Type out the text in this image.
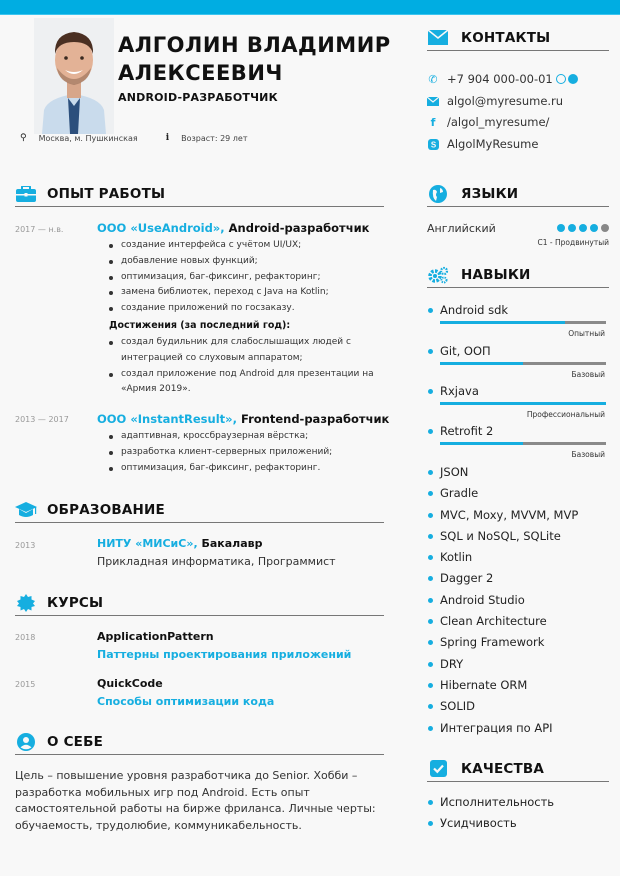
АЛГОЛИН ВЛАДИМИР АЛЕКСЕЕВИЧ
ANDROID-РАЗРАБОТЧИК
⚲ Москва, м. Пушкинская	i Возраст: 29 лет
ОПЫТ РАБОТЫ
2017 — н.в.	ООО «UseAndroid», Android-разработчик
создание интерфейса с учётом UI/UX;
добавление новых функций;
оптимизация, баг-фиксинг, рефакторинг;
замена библиотек, переход с Java на Kotlin;
создание приложений по госзаказу.
Достижения (за последний год):
создал будильник для слабослышащих людей с интеграцией со слуховым аппаратом;
создал приложение под Android для презентации на «Армия 2019».
2013 — 2017 ООО «InstantResult», Frontend-разработчик
адаптивная, кроссбраузерная вёрстка;
разработка клиент-серверных приложений;
оптимизация, баг-фиксинг, рефакторинг.
ОБРАЗОВАНИЕ
2013	НИТУ «МИСиС», Бакалавр
Прикладная информатика, Программист
КУРСЫ
2018	ApplicationPattern
Паттерны проектирования приложений
2015	QuickCode
Способы оптимизации кода
О СЕБЕ
Цель – повышение уровня разработчика до Senior. Хобби – разработка мобильных игр под Android. Есть опыт самостоятельной работы на бирже фриланса. Личные черты: обучаемость, трудолюбие, коммуникабельность.
КОНТАКТЫ
✆ +7 904 000-00-01
algol@myresume.ru
f	/algol_myresume/
S AlgolMyResume
ЯЗЫКИ
Английский
C1 - Продвинутый
НАВЫКИ
Android sdk
Опытный
Git, ООП
Базовый
Rxjava
Профессиональный
Retrofit 2
Базовый
JSON
Gradle
MVC, Moxy, MVVM, MVP
SQL и NoSQL, SQLite
Kotlin
Dagger 2
Android Studio
Clean Architecture
Spring Framework
DRY
Hibernate ORM
SOLID
Интеграция по API
КАЧЕСТВА
Исполнительность
Усидчивость
